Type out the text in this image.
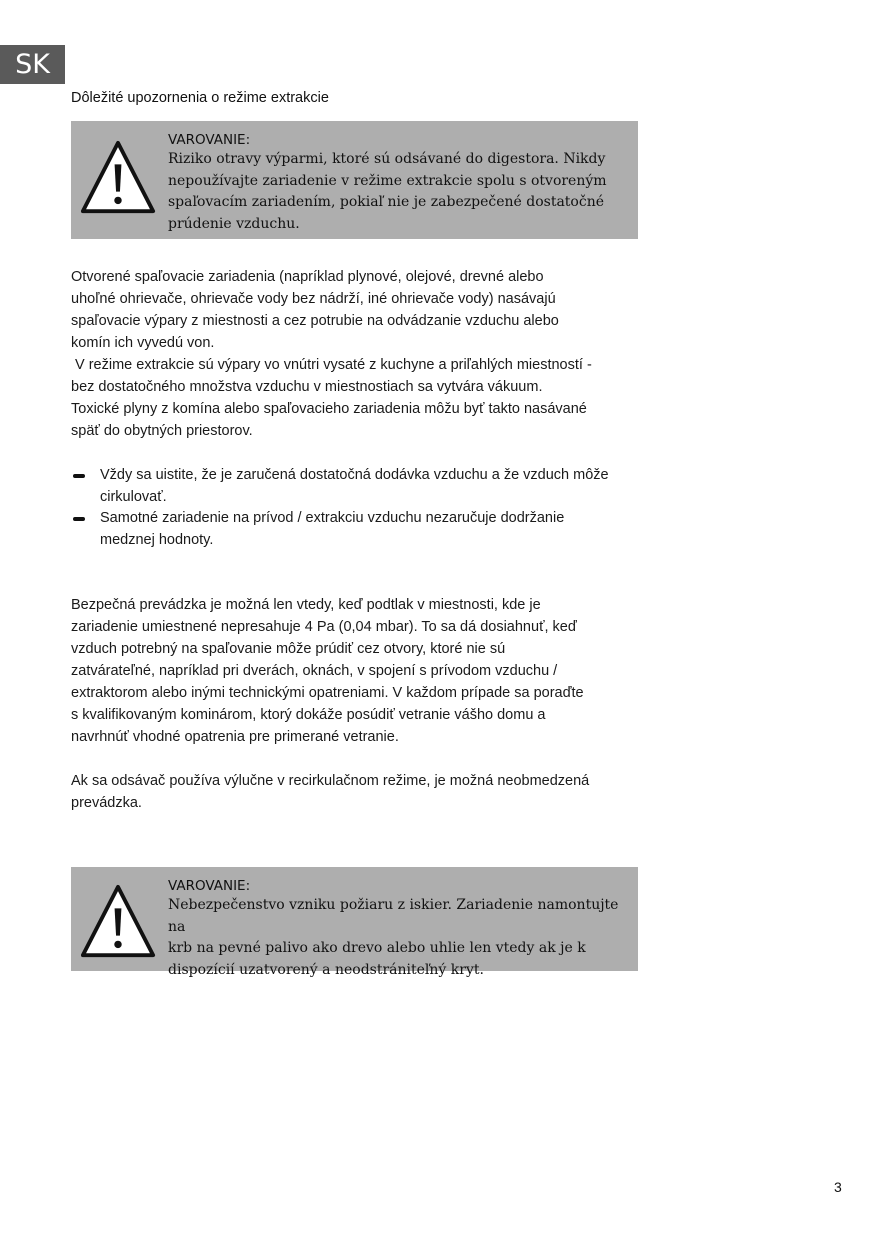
SK
Dôležité upozornenia o režime extrakcie
VAROVANIE:
Riziko otravy výparmi, ktoré sú odsávané do digestora. Nikdy
nepoužívajte zariadenie v režime extrakcie spolu s otvoreným
spaľovacím zariadením, pokiaľ nie je zabezpečené dostatočné
prúdenie vzduchu.
Otvorené spaľovacie zariadenia (napríklad plynové, olejové, drevné alebo
uhoľné ohrievače, ohrievače vody bez nádrží, iné ohrievače vody) nasávajú
spaľovacie výpary z miestnosti a cez potrubie na odvádzanie vzduchu alebo
komín ich vyvedú von.
V režime extrakcie sú výpary vo vnútri vysaté z kuchyne a priľahlých miestností -
bez dostatočného množstva vzduchu v miestnostiach sa vytvára vákuum.
Toxické plyny z komína alebo spaľovacieho zariadenia môžu byť takto nasávané
späť do obytných priestorov.
Vždy sa uistite, že je zaručená dostatočná dodávka vzduchu a že vzduch môže
cirkulovať.
Samotné zariadenie na prívod / extrakciu vzduchu nezaručuje dodržanie
medznej hodnoty.
Bezpečná prevádzka je možná len vtedy, keď podtlak v miestnosti, kde je
zariadenie umiestnené nepresahuje 4 Pa (0,04 mbar). To sa dá dosiahnuť, keď
vzduch potrebný na spaľovanie môže prúdiť cez otvory, ktoré nie sú
zatvárateľné, napríklad pri dverách, oknách, v spojení s prívodom vzduchu /
extraktorom alebo inými technickými opatreniami. V každom prípade sa poraďte
s kvalifikovaným kominárom, ktorý dokáže posúdiť vetranie vášho domu a
navrhnúť vhodné opatrenia pre primerané vetranie.
Ak sa odsávač používa výlučne v recirkulačnom režime, je možná neobmedzená
prevádzka.
VAROVANIE:
Nebezpečenstvo vzniku požiaru z iskier. Zariadenie namontujte na
krb na pevné palivo ako drevo alebo uhlie len vtedy ak je k
dispozícií uzatvorený a neodstrániteľný kryt.
3
